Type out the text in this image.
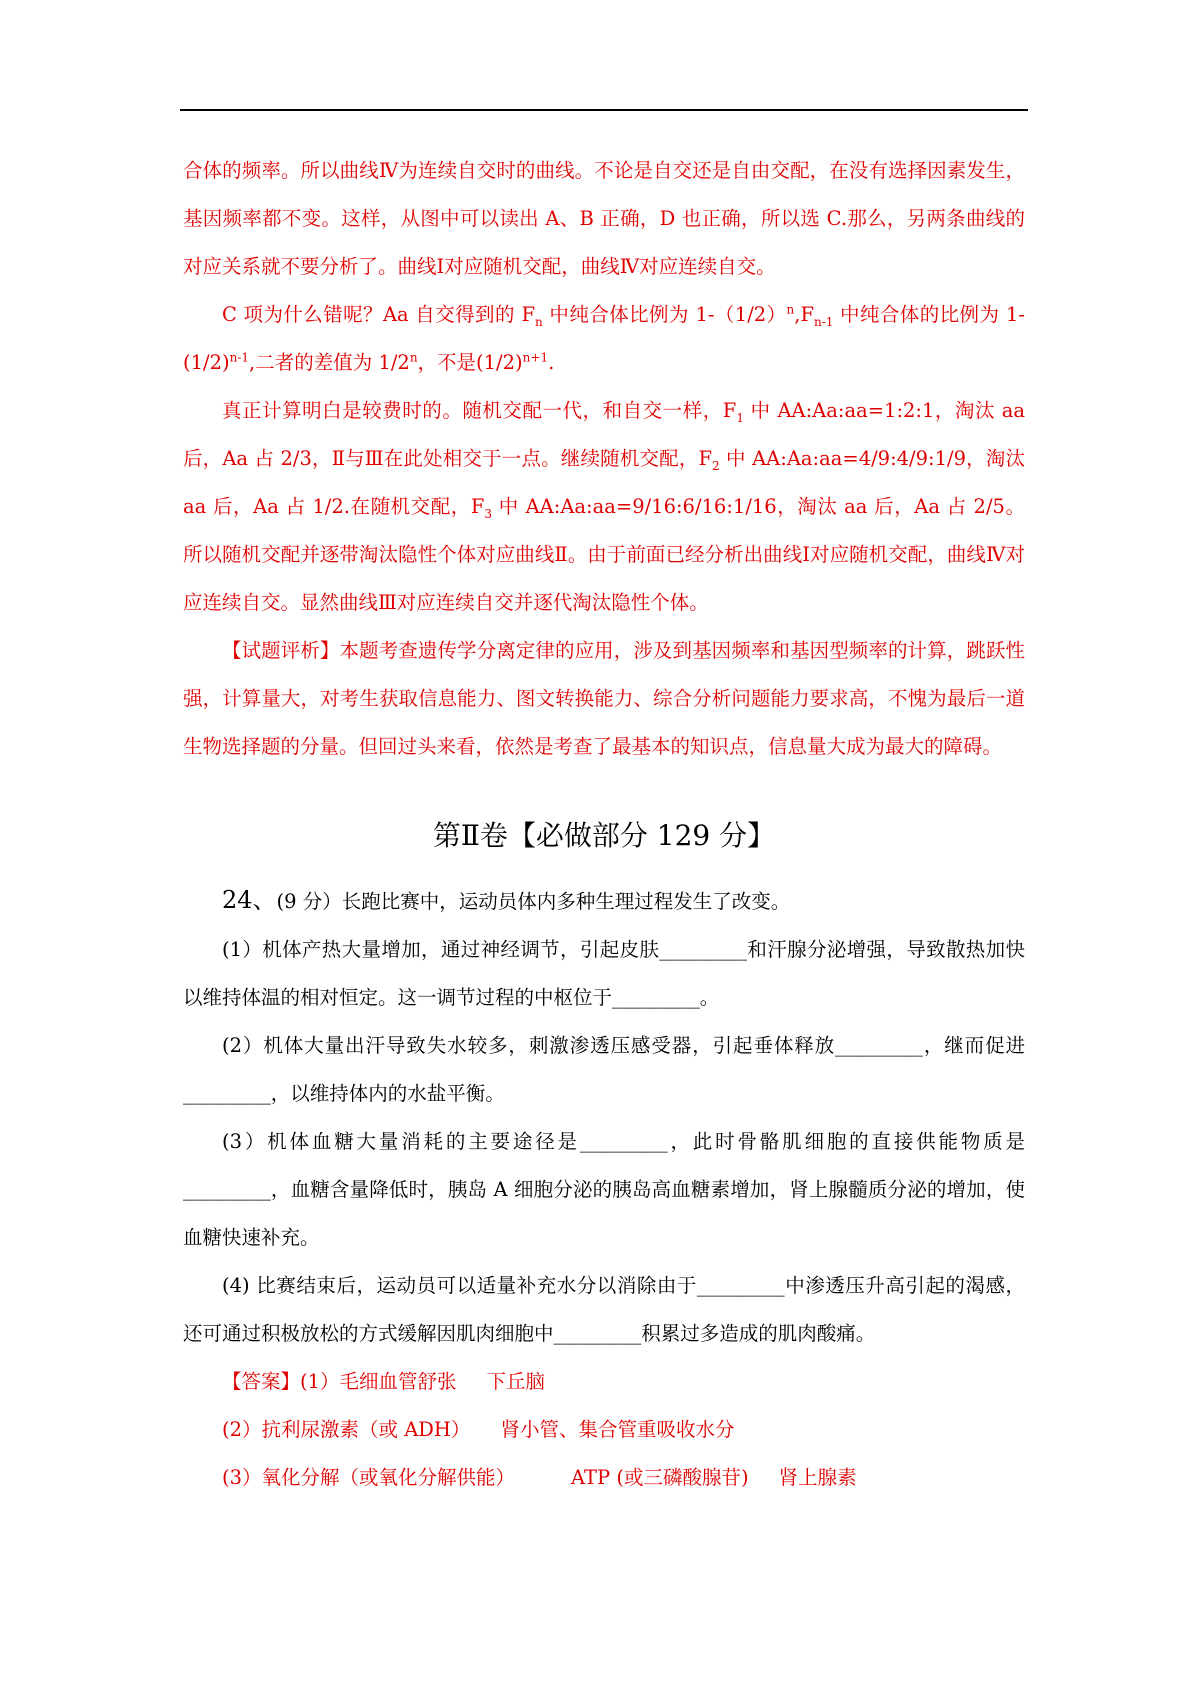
合体的频率。所以曲线Ⅳ为连续自交时的曲线。不论是自交还是自由交配，在没有选择因素发生，基因频率都不变。这样，从图中可以读出 A、B 正确，D 也正确，所以选 C.那么，另两条曲线的对应关系就不要分析了。曲线Ⅰ对应随机交配，曲线Ⅳ对应连续自交。

C 项为什么错呢？Aa 自交得到的 $F_n$ 中纯合体比例为 $1-(1/2)^n,F_{n-1}$ 中纯合体的比例为 $1-(1/2)^{n-1}$,二者的差值为 1/2$^n$，不是$(1/2)^{n+1}$.

真正计算明白是较费时的。随机交配一代，和自交一样，$F_1$ 中 AA:Aa:aa=1:2:1，淘汰 aa 后，Aa 占 2/3，Ⅱ与Ⅲ在此处相交于一点。继续随机交配，$F_2$ 中 AA:Aa:aa=4/9:4/9:1/9，淘汰 aa 后，Aa 占 1/2.在随机交配，$F_3$ 中 AA:Aa:aa=9/16:6/16:1/16，淘汰 aa 后，Aa 占 2/5。所以随机交配并逐带淘汰隐性个体对应曲线Ⅱ。由于前面已经分析出曲线Ⅰ对应随机交配，曲线Ⅳ对应连续自交。显然曲线Ⅲ对应连续自交并逐代淘汰隐性个体。

【试题评析】本题考查遗传学分离定律的应用，涉及到基因频率和基因型频率的计算，跳跃性强，计算量大，对考生获取信息能力、图文转换能力、综合分析问题能力要求高，不愧为最后一道生物选择题的分量。但回过头来看，依然是考查了最基本的知识点，信息量大成为最大的障碍。

第Ⅱ卷【必做部分 129 分】

24、(9 分）长跑比赛中，运动员体内多种生理过程发生了改变。

(1）机体产热大量增加，通过神经调节，引起皮肤_________和汗腺分泌增强，导致散热加快以维持体温的相对恒定。这一调节过程的中枢位于_________。

(2）机体大量出汗导致失水较多，刺激渗透压感受器，引起垂体释放_________，继而促进_________，以维持体内的水盐平衡。

(3）机体血糖大量消耗的主要途径是_________，此时骨骼肌细胞的直接供能物质是_________，血糖含量降低时，胰岛 A 细胞分泌的胰岛高血糖素增加，肾上腺髓质分泌的增加，使血糖快速补充。

(4) 比赛结束后，运动员可以适量补充水分以消除由于_________中渗透压升高引起的渴感，还可通过积极放松的方式缓解因肌肉细胞中_________积累过多造成的肌肉酸痛。

【答案】(1）毛细血管舒张 下丘脑

(2）抗利尿激素（或 ADH） 肾小管、集合管重吸收水分

(3）氧化分解（或氧化分解供能）	ATP (或三磷酸腺苷) 肾上腺素
